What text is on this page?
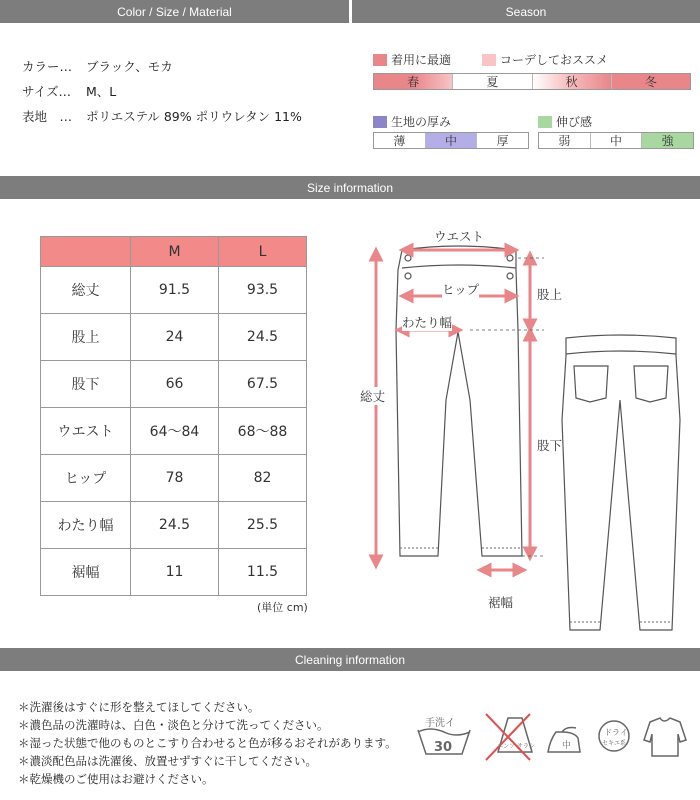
Color / Size / Material	Season
カラー… ブラック、モカ
サイズ… M、L
表地　… ポリエステル 89% ポリウレタン 11%
着用に最適	コーデしておススメ
春	夏	秋	冬
生地の厚み
薄	中	厚
伸び感
弱	中	強
Size information
	M	L
総丈	91.5	93.5
股上	24	24.5
股下	66	67.5
ウエスト	64～84	68～88
ヒップ	78	82
わたり幅	24.5	25.5
裾幅	11	11.5
(単位 cm)
ウエスト
ヒップ
わたり幅
股上
総丈
股下
裾幅
Cleaning information
＊洗濯後はすぐに形を整えてほしてください。
＊濃色品の洗濯時は、白色・淡色と分けて洗ってください。
＊湿った状態で他のものとこすり合わせると色が移るおそれがあります。
＊濃淡配色品は洗濯後、放置せずすぐに干してください。
＊乾燥機のご使用はお避けください。
手洗イ
30	エンソ サラシ	中
ドライ
セキユ系
